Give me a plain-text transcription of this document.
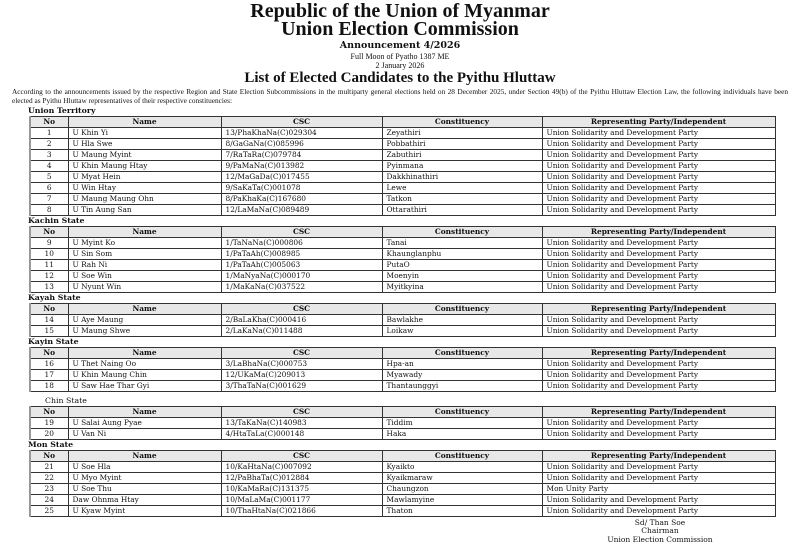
Republic of the Union of Myanmar
Union Election Commission
Announcement 4/2026
Full Moon of Pyatho 1387 ME
2 January 2026
List of Elected Candidates to the Pyithu Hluttaw
According to the announcements issued by the respective Region and State Election Subcommissions in the multiparty general elections held on 28 December 2025, under Section 49(b) of the Pyithu Hluttaw Election Law, the following individuals have been elected as Pyithu Hluttaw representatives of their respective constituencies:
Union Territory
No	Name	CSC	Constituency	Representing Party/Independent
1	U Khin Yi	13/PhaKhaNa(C)029304	Zeyathiri	Union Solidarity and Development Party
2	U Hla Swe	8/GaGaNa(C)085996	Pobbathiri	Union Solidarity and Development Party
3	U Maung Myint	7/RaTaRa(C)079784	Zabuthiri	Union Solidarity and Development Party
4	U Khin Maung Htay	9/PaMaNa(C)013982	Pyinmana	Union Solidarity and Development Party
5	U Myat Hein	12/MaGaDa(C)017455	Dakkhinathiri	Union Solidarity and Development Party
6	U Win Htay	9/SaKaTa(C)001078	Lewe	Union Solidarity and Development Party
7	U Maung Maung Ohn	8/PaKhaKa(C)167680	Tatkon	Union Solidarity and Development Party
8	U Tin Aung San	12/LaMaNa(C)089489	Ottarathiri	Union Solidarity and Development Party
Kachin State
No	Name	CSC	Constituency	Representing Party/Independent
9	U Myint Ko	1/TaNaNa(C)000806	Tanai	Union Solidarity and Development Party
10	U Sin Som	1/PaTaAh(C)008985	Khaunglanphu	Union Solidarity and Development Party
11	U Rah Ni	1/PaTaAh(C)005063	PutaO	Union Solidarity and Development Party
12	U Soe Win	1/MaNyaNa(C)000170	Moenyin	Union Solidarity and Development Party
13	U Nyunt Win	1/MaKaNa(C)037522	Myitkyina	Union Solidarity and Development Party
Kayah State
No	Name	CSC	Constituency	Representing Party/Independent
14	U Aye Maung	2/BaLaKha(C)000416	Bawlakhe	Union Solidarity and Development Party
15	U Maung Shwe	2/LaKaNa(C)011488	Loikaw	Union Solidarity and Development Party
Kayin State
No	Name	CSC	Constituency	Representing Party/Independent
16	U Thet Naing Oo	3/LaBhaNa(C)000753	Hpa-an	Union Solidarity and Development Party
17	U Khin Maung Chin	12/UKaMa(C)209013	Myawady	Union Solidarity and Development Party
18	U Saw Hae Thar Gyi	3/ThaTaNa(C)001629	Thantaunggyi	Union Solidarity and Development Party
Chin State
No	Name	CSC	Constituency	Representing Party/Independent
19	U Salai Aung Pyae	13/TaKaNa(C)140983	Tiddim	Union Solidarity and Development Party
20	U Van Ni	4/HtaTaLa(C)000148	Haka	Union Solidarity and Development Party
Mon State
No	Name	CSC	Constituency	Representing Party/Independent
21	U Soe Hla	10/KaHtaNa(C)007092	Kyaikto	Union Solidarity and Development Party
22	U Myo Myint	12/PaBhaTa(C)012884	Kyaikmaraw	Union Solidarity and Development Party
23	U Soe Thu	10/KaMaRa(C)131375	Chaungzon	Mon Unity Party
24	Daw Ohnma Htay	10/MaLaMa(C)001177	Mawlamyine	Union Solidarity and Development Party
25	U Kyaw Myint	10/ThaHtaNa(C)021866	Thaton	Union Solidarity and Development Party
Sd/ Than Soe
Chairman
Union Election Commission
